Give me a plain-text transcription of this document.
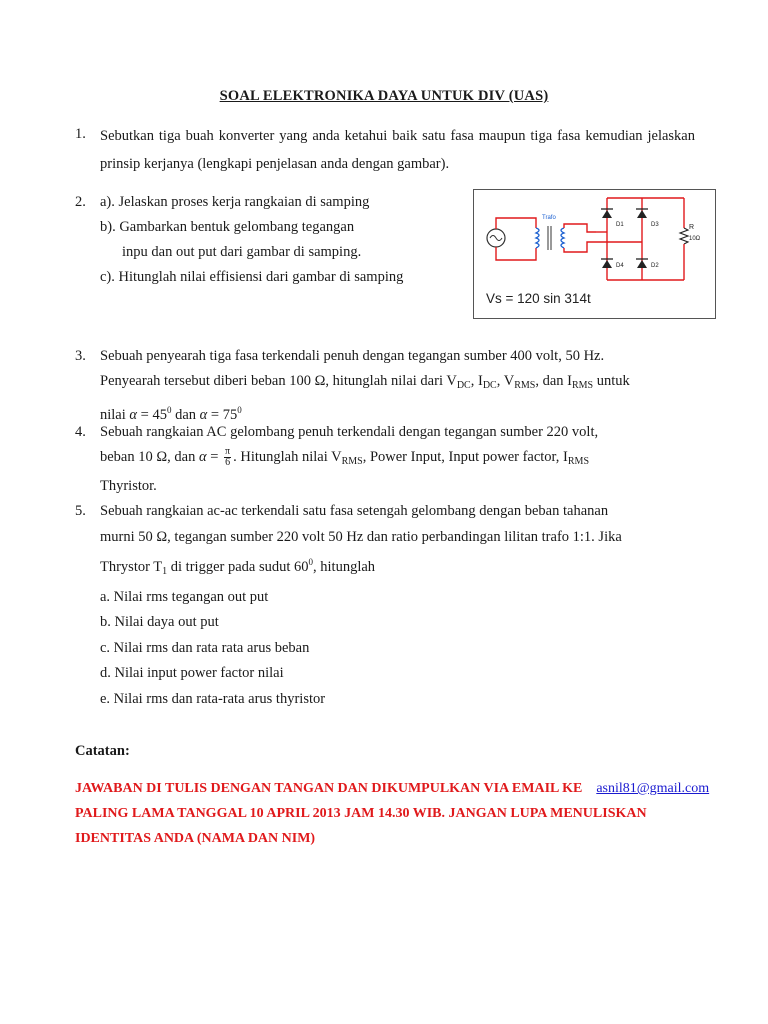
SOAL ELEKTRONIKA DAYA UNTUK DIV (UAS)
1. Sebutkan tiga buah konverter yang anda ketahui baik satu fasa maupun tiga fasa kemudian jelaskan prinsip kerjanya (lengkapi penjelasan anda dengan gambar).

2. a). Jelaskan proses kerja rangkaian di samping

b). Gambarkan bentuk gelombang tegangan

inpu dan out put dari gambar di samping.

c). Hitunglah nilai effisiensi dari gambar di samping

Trafo
D1	D3
D4	D2
R
10Ω
Vs = 120 sin 314t
3. Sebuah penyearah tiga fasa terkendali penuh dengan tegangan sumber 400 volt, 50 Hz.

Penyearah tersebut diberi beban 100 Ω, hitunglah nilai dari $V_{DC}$, $I_{DC}$, $V_{RMS}$, dan $I_{RMS}$ untuk

nilai $\alpha = 45^0$ dan $\alpha = 75^0$

4. Sebuah rangkaian AC gelombang penuh terkendali dengan tegangan sumber 220 volt,

beban 10 Ω, dan $\alpha = \frac{\pi}{6}$ . Hitunglah nilai $V_{RMS}$, Power Input, Input power factor, $I_{RMS}$

Thyristor.

5. Sebuah rangkaian ac-ac terkendali satu fasa setengah gelombang dengan beban tahanan

murni 50 Ω, tegangan sumber 220 volt 50 Hz dan ratio perbandingan lilitan trafo 1:1. Jika

Thrystor $T_1$ di trigger pada sudut $60^0$, hitunglah

a. Nilai rms tegangan out put

b. Nilai daya out put

c. Nilai rms dan rata rata arus beban

d. Nilai input power factor nilai

e. Nilai rms dan rata-rata arus thyristor

Catatan:

JAWABAN DI TULIS DENGAN TANGAN DAN DIKUMPULKAN VIA EMAIL KE asnil81@gmail.com

PALING LAMA TANGGAL 10 APRIL 2013 JAM 14.30 WIB. JANGAN LUPA MENULISKAN

IDENTITAS ANDA (NAMA DAN NIM)
